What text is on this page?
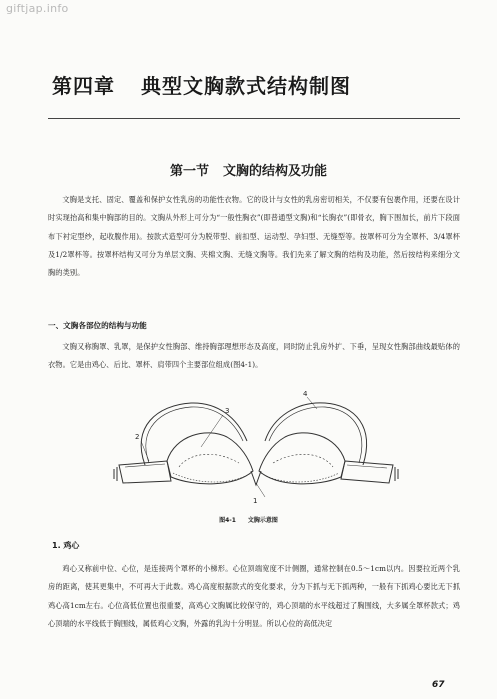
giftjap.info
第四章 典型文胸款式结构制图
第一节 文胸的结构及功能

文胸是支托、固定、覆盖和保护女性乳房的功能性衣物。它的设计与女性的乳房密切相关，不仅要有包裹作用，还要在设计时实现抬高和集中胸部的目的。文胸从外形上可分为“一般性胸衣”(即普通型文胸)和“长胸衣”(即骨衣，胸下围加长，前片下段面布下衬定型纱，起收腹作用)。按款式造型可分为脱带型、前扣型、运动型、孕妇型、无缝型等。按罩杯可分为全罩杯、3/4罩杯及1/2罩杯等。按罩杯结构又可分为单层文胸、夹棉文胸、无缝文胸等。我们先来了解文胸的结构及功能，然后按结构来细分文胸的类别。

一、文胸各部位的结构与功能

文胸又称胸罩、乳罩，是保护女性胸部、维持胸部理想形态及高度，同时防止乳房外扩、下垂，呈现女性胸部曲线最贴体的衣物。它是由鸡心、后比、罩杯、肩带四个主要部位组成(图4-1)。

1
2
3
4
图4-1 文胸示意图
1. 鸡心

鸡心又称前中位、心位，是连接两个罩杯的小梯形。心位顶端宽度不计侧圈，通常控制在0.5～1cm以内。因要拉近两个乳房的距离，使其更集中，不可再大于此数。鸡心高度根据款式的变化要求，分为下抓与无下抓两种，一般有下抓鸡心要比无下抓鸡心高1cm左右。心位高低位置也很重要，高鸡心文胸属比较保守的，鸡心顶端的水平线超过了胸围线，大多属全罩杯款式；鸡心顶端的水平线低于胸围线，属低鸡心文胸，外露的乳沟十分明显。所以心位的高低决定

67
